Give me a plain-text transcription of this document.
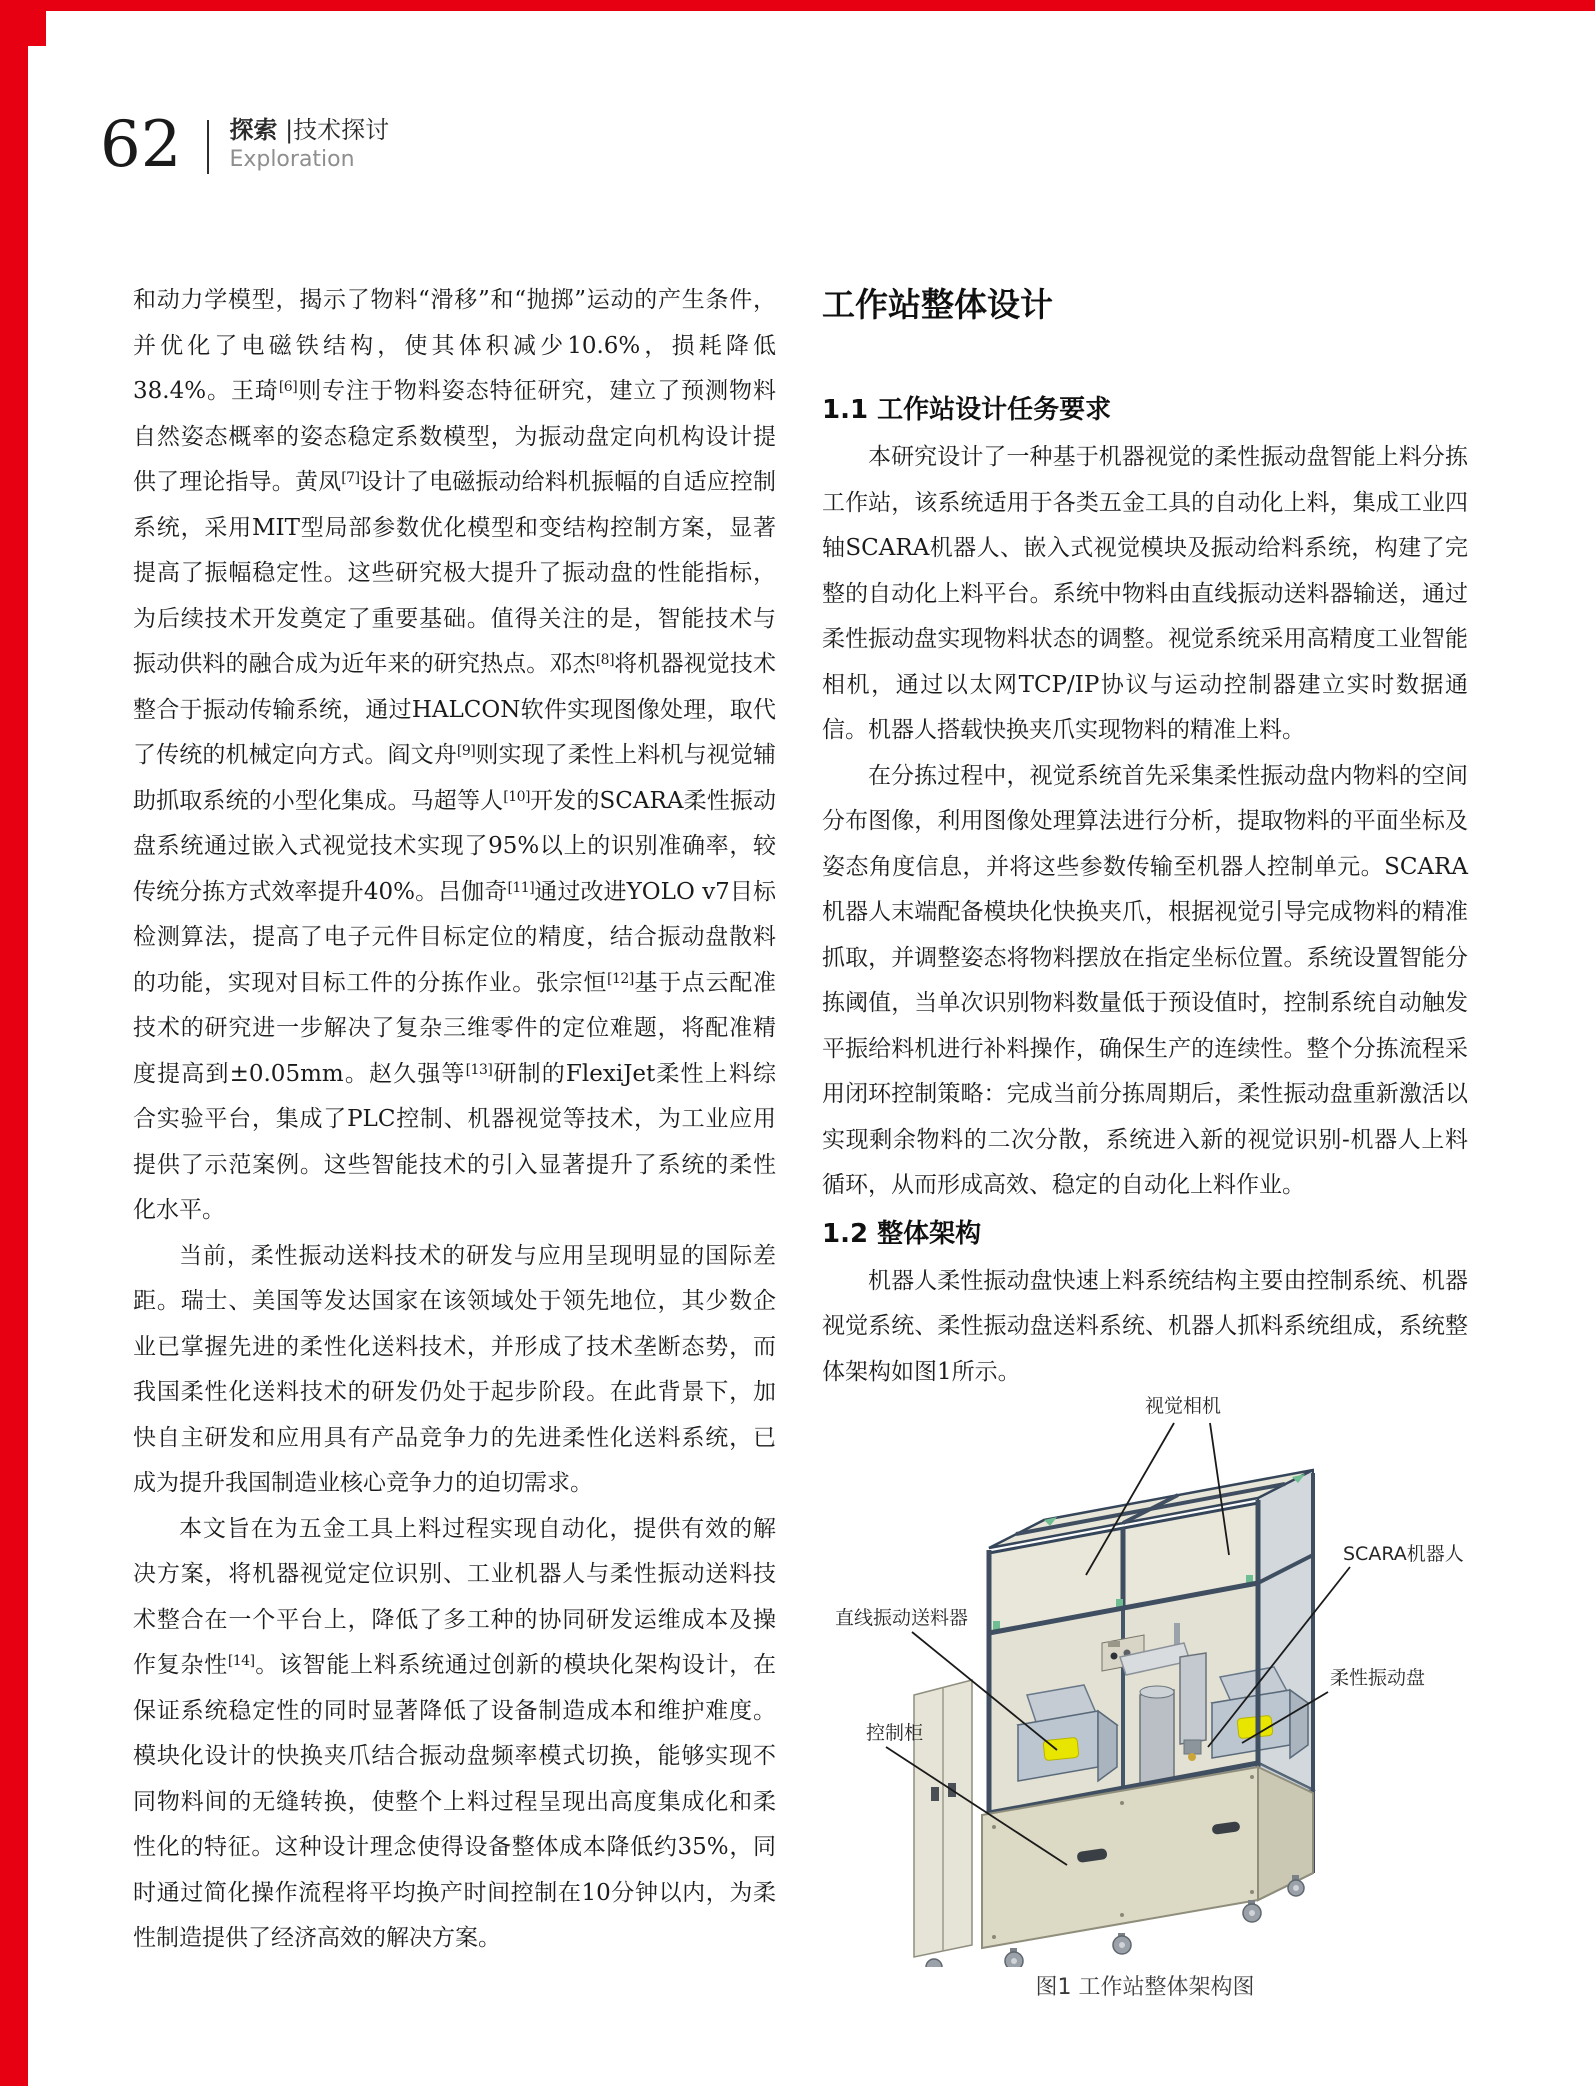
62 探索 |技术探讨
Exploration

和动力学模型，揭示了物料“滑移”和“抛掷”运动的产生条件，并优化了电磁铁结构，使其体积减少10.6%，损耗降低38.4%。王琦[6]则专注于物料姿态特征研究，建立了预测物料自然姿态概率的姿态稳定系数模型，为振动盘定向机构设计提供了理论指导。黄凤[7]设计了电磁振动给料机振幅的自适应控制系统，采用MIT型局部参数优化模型和变结构控制方案，显著提高了振幅稳定性。这些研究极大提升了振动盘的性能指标，为后续技术开发奠定了重要基础。值得关注的是，智能技术与振动供料的融合成为近年来的研究热点。邓杰[8]将机器视觉技术整合于振动传输系统，通过HALCON软件实现图像处理，取代了传统的机械定向方式。阎文舟[9]则实现了柔性上料机与视觉辅助抓取系统的小型化集成。马超等人[10]开发的SCARA柔性振动盘系统通过嵌入式视觉技术实现了95%以上的识别准确率，较传统分拣方式效率提升40%。吕伽奇[11]通过改进YOLO v7目标检测算法，提高了电子元件目标定位的精度，结合振动盘散料的功能，实现对目标工件的分拣作业。张宗恒[12]基于点云配准技术的研究进一步解决了复杂三维零件的定位难题，将配准精度提高到±0.05mm。赵久强等[13]研制的FlexiJet柔性上料综合实验平台，集成了PLC控制、机器视觉等技术，为工业应用提供了示范案例。这些智能技术的引入显著提升了系统的柔性化水平。

当前，柔性振动送料技术的研发与应用呈现明显的国际差距。瑞士、美国等发达国家在该领域处于领先地位，其少数企业已掌握先进的柔性化送料技术，并形成了技术垄断态势，而我国柔性化送料技术的研发仍处于起步阶段。在此背景下，加快自主研发和应用具有产品竞争力的先进柔性化送料系统，已成为提升我国制造业核心竞争力的迫切需求。

本文旨在为五金工具上料过程实现自动化，提供有效的解决方案，将机器视觉定位识别、工业机器人与柔性振动送料技术整合在一个平台上，降低了多工种的协同研发运维成本及操作复杂性[14]。该智能上料系统通过创新的模块化架构设计，在保证系统稳定性的同时显著降低了设备制造成本和维护难度。模块化设计的快换夹爪结合振动盘频率模式切换，能够实现不同物料间的无缝转换，使整个上料过程呈现出高度集成化和柔性化的特征。这种设计理念使得设备整体成本降低约35%，同时通过简化操作流程将平均换产时间控制在10分钟以内，为柔性制造提供了经济高效的解决方案。

工作站整体设计
1.1 工作站设计任务要求

本研究设计了一种基于机器视觉的柔性振动盘智能上料分拣工作站，该系统适用于各类五金工具的自动化上料，集成工业四轴SCARA机器人、嵌入式视觉模块及振动给料系统，构建了完整的自动化上料平台。系统中物料由直线振动送料器输送，通过柔性振动盘实现物料状态的调整。视觉系统采用高精度工业智能相机，通过以太网TCP/IP协议与运动控制器建立实时数据通信。机器人搭载快换夹爪实现物料的精准上料。

在分拣过程中，视觉系统首先采集柔性振动盘内物料的空间分布图像，利用图像处理算法进行分析，提取物料的平面坐标及姿态角度信息，并将这些参数传输至机器人控制单元。SCARA机器人末端配备模块化快换夹爪，根据视觉引导完成物料的精准抓取，并调整姿态将物料摆放在指定坐标位置。系统设置智能分拣阈值，当单次识别物料数量低于预设值时，控制系统自动触发平振给料机进行补料操作，确保生产的连续性。整个分拣流程采用闭环控制策略：完成当前分拣周期后，柔性振动盘重新激活以实现剩余物料的二次分散，系统进入新的视觉识别-机器人上料循环，从而形成高效、稳定的自动化上料作业。

1.2 整体架构

机器人柔性振动盘快速上料系统结构主要由控制系统、机器视觉系统、柔性振动盘送料系统、机器人抓料系统组成，系统整体架构如图1所示。

视觉相机
SCARA机器人
直线振动送料器
柔性振动盘
控制柜
图1 工作站整体架构图
